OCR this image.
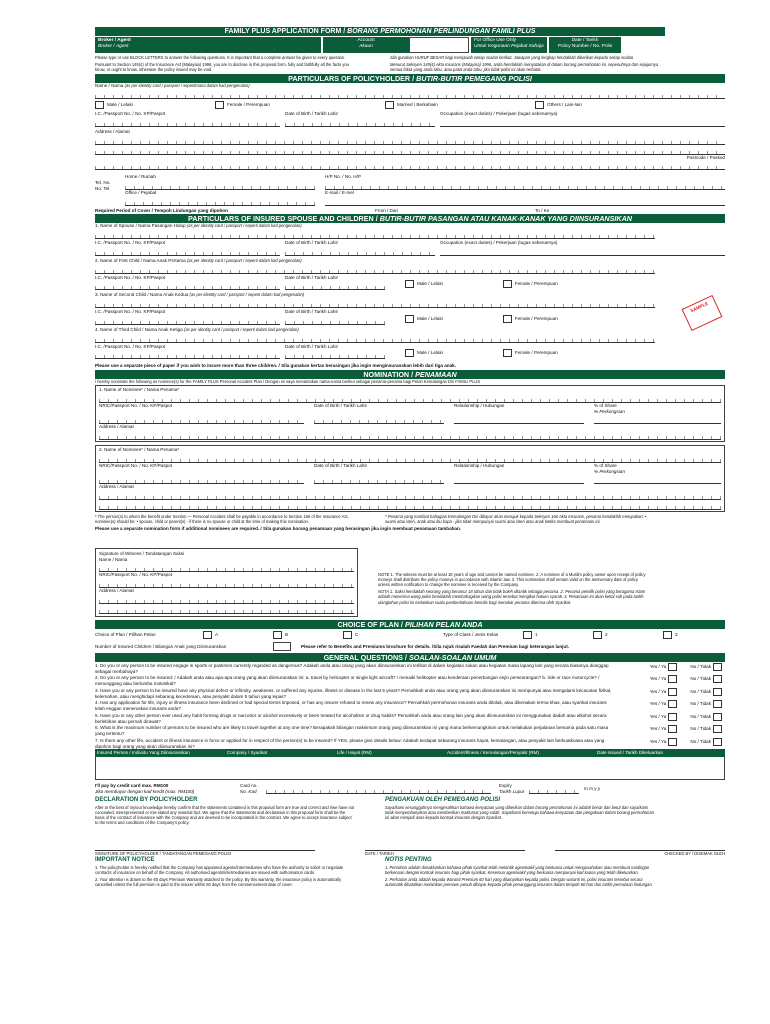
FAMILY PLUS APPLICATION FORM / BORANG PERMOHONAN PERLINDUNGAN FAMILI PLUS
Broker / Agent
Broker / Agent
Account
Akaun
For Office Use Only
Untuk Kegunaan Pejabat Sahaja
Date / Tarikh
Policy Number / No. Polis
Please type or use BLOCK LETTERS to answer the following questions. It is important that a complete answer be given to every question.
Pursuant to Section 149(4) of the Insurance Act (Malaysia) 1996, you are to disclose in this proposal form, fully and faithfully all the facts you know, or ought to know, otherwise the policy issued may be void.
Sila gunakan HURUF BESAR bagi menjawab setiap soalan berikut. Jawapan yang lengkap hendaklah diberikan kepada setiap soalan.
Menurut Seksyen 149(4) Akta Insurans (Malaysia) 1996, anda hendaklah menyatakan di dalam borang permohonan ini, sepenuhnya dan sejujurnya semua fakta yang anda tahu, atau patut anda tahu, jika tidak polisi ini akan terbatal.
PARTICULARS OF POLICYHOLDER / BUTIR-BUTIR PEMEGANG POLISI
Name / Nama (as per identity card / passport / sepertimana dalam kad pengenalan)
Male / Lelaki	Female / Perempuan	Married / Berkahwin	Others / Lain-lain
I.C. /Passport No. / No. KP/Paspot	Date of Birth / Tarikh Lahir	Occupation (exact duties) / Pekerjaan (tugas sebenarnya)
Address / Alamat
Postcode / Poskod
Tel. No.
No. Tel.
Home / Rumah
Office / Pejabat
H/P No. / No. H/P
E-mail / E-mel
Required Period of Cover / Tempoh Lindungan yang dipohon	From / Dari	To / Ke
PARTICULARS OF INSURED SPOUSE AND CHILDREN / BUTIR-BUTIR PASANGAN ATAU KANAK-KANAK YANG DIINSURANSIKAN
SAMPLE
1. Name of Spouse / Nama Pasangan Hidup (as per identity card / passport / seperti dalam kad pengenalan)
I.C. /Passport No. / No. KP/Paspot	Date of Birth / Tarikh Lahir	Occupation (exact duties) / Pekerjaan (tugas sebenarnya)
2. Name of First Child / Nama Anak Pertama (as per identity card / passport / seperti dalam kad pengenalan)
I.C. /Passport No. / No. KP/Paspot	Date of Birth / Tarikh Lahir
Male / Lelaki	Female / Perempuan
3. Name of Second Child / Nama Anak Kedua (as per identity card / passport / seperti dalam kad pengenalan)
I.C. /Passport No. / No. KP/Paspot	Date of Birth / Tarikh Lahir
Male / Lelaki	Female / Perempuan
4. Name of Third Child / Nama Anak Ketiga (as per identity card / passport / seperti dalam kad pengenalan)
I.C. /Passport No. / No. KP/Paspot	Date of Birth / Tarikh Lahir
Male / Lelaki	Female / Perempuan
Please use a separate piece of paper if you wish to insure more than three children. / Sila gunakan kertas berasingan jika ingin menginsuranskan lebih dari tiga anak.
NOMINATION / PENAMAAN
I hereby nominate the following as nominee(s) for the FAMILY PLUS Personal Accident Plan / Dengan ini saya menamakan nama-nama berikut sebagai penama-penama bagi Pelan Kemalangan Diri FAMILI PLUS
1. Name of Nominee* / Nama Penama*
NRIC/Passport No. / No. KP/Paspot	Date of Birth / Tarikh Lahir	Relationship / Hubungan	% of Share
% Perkongsian
Address / Alamat
2. Name of Nominee* / Nama Penama*
NRIC/Passport No. / No. KP/Paspot	Date of Birth / Tarikh Lahir	Relationship / Hubungan	% of Share
% Perkongsian
Address / Alamat
* The person(s) to whom the benefit under Section — Personal Accident shall be payable in accordance to Section 166 of the Insurance Act, nominee(s) should be: • spouse, child or parent(s) - if there is no spouse or child at the time of making this nomination.
* Penama yang manfaat bahagian Kemalangan Diri dibayar akan merujuk kepada Seksyen 166 Akta Insurans, penama hendaklah merupakan: • suami atau isteri, anak atau ibu bapa - jika tidak mempunyai suami atau isteri atau anak ketika membuat penamaan ini.
Please use a separate nomination form if additional nominees are required. / Sila gunakan borang penamaan yang berasingan jika ingin membuat penamaan tambahan.
Signature of Witness / Tandatangan Saksi
Name / Nama
NRIC/Passport No. / No. KP/Paspot
Address / Alamat
NOTE 1. The witness must be at least 18 years of age and cannot be named nominee. 2. A nominee of a Muslim policy owner upon receipt of policy moneys shall distribute the policy moneys in accordance with Islamic law. 3. This nomination shall remain valid on the anniversary date of policy unless written notification to change the nominee is received by the Company.
NOTA 1. Saksi hendaklah seorang yang berumur 18 tahun dan tidak boleh dilantik sebagai penama. 2. Penama pemilik polisi yang beragama Islam adalah menerima wang polisi hendaklah membahagikan wang polisi tersebut mengikut hukum syarak. 3. Penamaan ini akan kekal sah pada tarikh ulangtahun polisi ini melainkan suatu pemberitahuan bertulis bagi menukar penama diterima oleh Syarikat.
CHOICE OF PLAN / PILIHAN PELAN ANDA
Choice of Plan / Pilihan Pelan	A	B	C	Type of Class / Jenis Kelas	1	2	3
Number of Insured Children / Bilangan Anak yang Diinsuranskan	Please refer to Benefits and Premiums brochure for details. /Sila rujuk risalah Faedah dan Premium bagi keterangan lanjut.
GENERAL QUESTIONS / SOALAN-SOALAN UMUM
1. Do you or any person to be insured engage in sports or pastimes currently regarded as dangerous? Adakah anda atau orang yang akan diinsuranskan ini terlibat di dalam kegiatan sukan atau kegiatan masa lapang lain yang secara biasanya dianggap sebagai merbahaya?
Yes / Ya	No / Tidak
2. Do you or any person to be insured: / Adakah anda atau apa-apa orang yang akan diinsuranskan ini: a. travel by helicopter or single light aircraft? / menaiki helikopter atau kenderaan penerbangan enjin perseorangan? b. ride or race motorcycle? / menunggang atau berlumba motosikal?
Yes / Ya	No / Tidak
3. Have you or any person to be insured have any physical defect or infirmity, weakness, or suffered any injuries, illness or disease in the last 5 years? Pernahkah anda atau orang yang akan diinsuranskan ini mempunyai atau mengalami kecacatan fizikal, kelemahan, atau menghidapi sebarang kecederaan, atau penyakit dalam 5 tahun yang lepas?
Yes / Ya	No / Tidak
4. Has any application for life, injury or illness insurance been declined or had special terms imposed, or has any insurer refused to renew any insurance? Pernahkah permohonan insurans anda ditolak, atau dikenakan terma khas, atau syarikat insurans telah enggan meneruskan insurans anda?
Yes / Ya	No / Tidak
5. Have you or any other person ever used any habit forming drugs or narcotics or alcohol excessively or been treated for alcoholism or drug habits? Pernahkah anda atau orang lain yang akan diinsuranskan ini menggunakan dadah atau alkohol secara berlebihan atau pernah dirawat?
Yes / Ya	No / Tidak
6. What is the maximum number of persons to be insured who are likely to travel together at any one time? Berapakah bilangan maksimum orang yang diinsuranskan ini yang mana berkemungkinan untuk melakukan perjalanan bersama pada satu masa yang tertentu?
Yes / Ya	No / Tidak
7. Is there any other life, accident or illness insurance in force or applied for in respect of the person(s) to be insured? If YES, please give details below: Adakah terdapat sebarang insurans hayat, kemalangan, atau penyakit lain berkuatkuasa atau yang dipohon bagi orang yang akan diinsuranskan ini?
Yes / Ya	No / Tidak
Insured Person / Individu Yang Diinsuranskan	Company / Syarikat	Life / Hayat (RM)	Accident/Illness / Kemalangan/Penyakit (RM)	Date Issued / Tarikh Dikeluarkan
I'll pay by credit card max. RM100
Jika membayar dengan kad kredit (max. RM100)
Card no.
No. Kad
Expiry
Tarikh Luput
m m y y
DECLARATION BY POLICYHOLDER
After to the best of my/our knowledge hereby confirm that the statements contained in this proposal form are true and correct and I/we have not concealed, misrepresented or mis-stated any material fact. We agree that the statements and declaration in this proposal form shall be the basis of the contract of insurance with the Company and are deemed to be incorporated in the contract. We agree to accept insurance subject to the terms and conditions of the Company's policy.
PENGAKUAN OLEH PEMEGANG POLISI
Saya/kami sesungguhnya mengesahkan bahawa kenyataan yang diberikan dalam borang permohonan ini adalah benar dan betul dan saya/kami tidak menyembunyikan atau memberikan maklumat yang salah. Saya/kami bersetuju bahawa kenyataan dan pengakuan dalam borang permohonan ini akan menjadi asas kepada kontrak insurans dengan Syarikat.
SIGNATURE OF POLICYHOLDER / TANDATANGAN PEMEGANG POLISI	DATE / TARIKH	CHECKED BY / DISEMAK OLEH
IMPORTANT NOTICE
1. The policyholder is hereby notified that the Company has appointed agents/intermediaries who have the authority to solicit or negotiate contracts of insurance on behalf of the Company. All authorised agents/intermediaries are issued with authorisation cards.
2. Your attention is drawn to the 60 days Premium Warranty attached to the policy. By this warranty, the insurance policy is automatically cancelled unless the full premium is paid to the insurer within 60 days from the commencement date of cover.
NOTIS PENTING
1. Pemohon adalah dimaklumkan bahawa pihak syarikat telah melantik agen/wakil yang berkuasa untuk mengusahakan atau membuat rundingan berkenaan dengan kontrak insurans bagi pihak syarikat. Kesemua agen/wakil yang berkuasa mempunyai kad kuasa yang telah dikeluarkan.
2. Perhatian anda adalah kepada Waranti Premium 60 hari yang dilampirkan kepada polisi. Dengan waranti ini, polisi insurans tersebut secara automatik dibatalkan melainkan premium penuh dibayar kepada pihak penanggung insurans dalam tempoh 60 hari dari tarikh permulaan lindungan.
